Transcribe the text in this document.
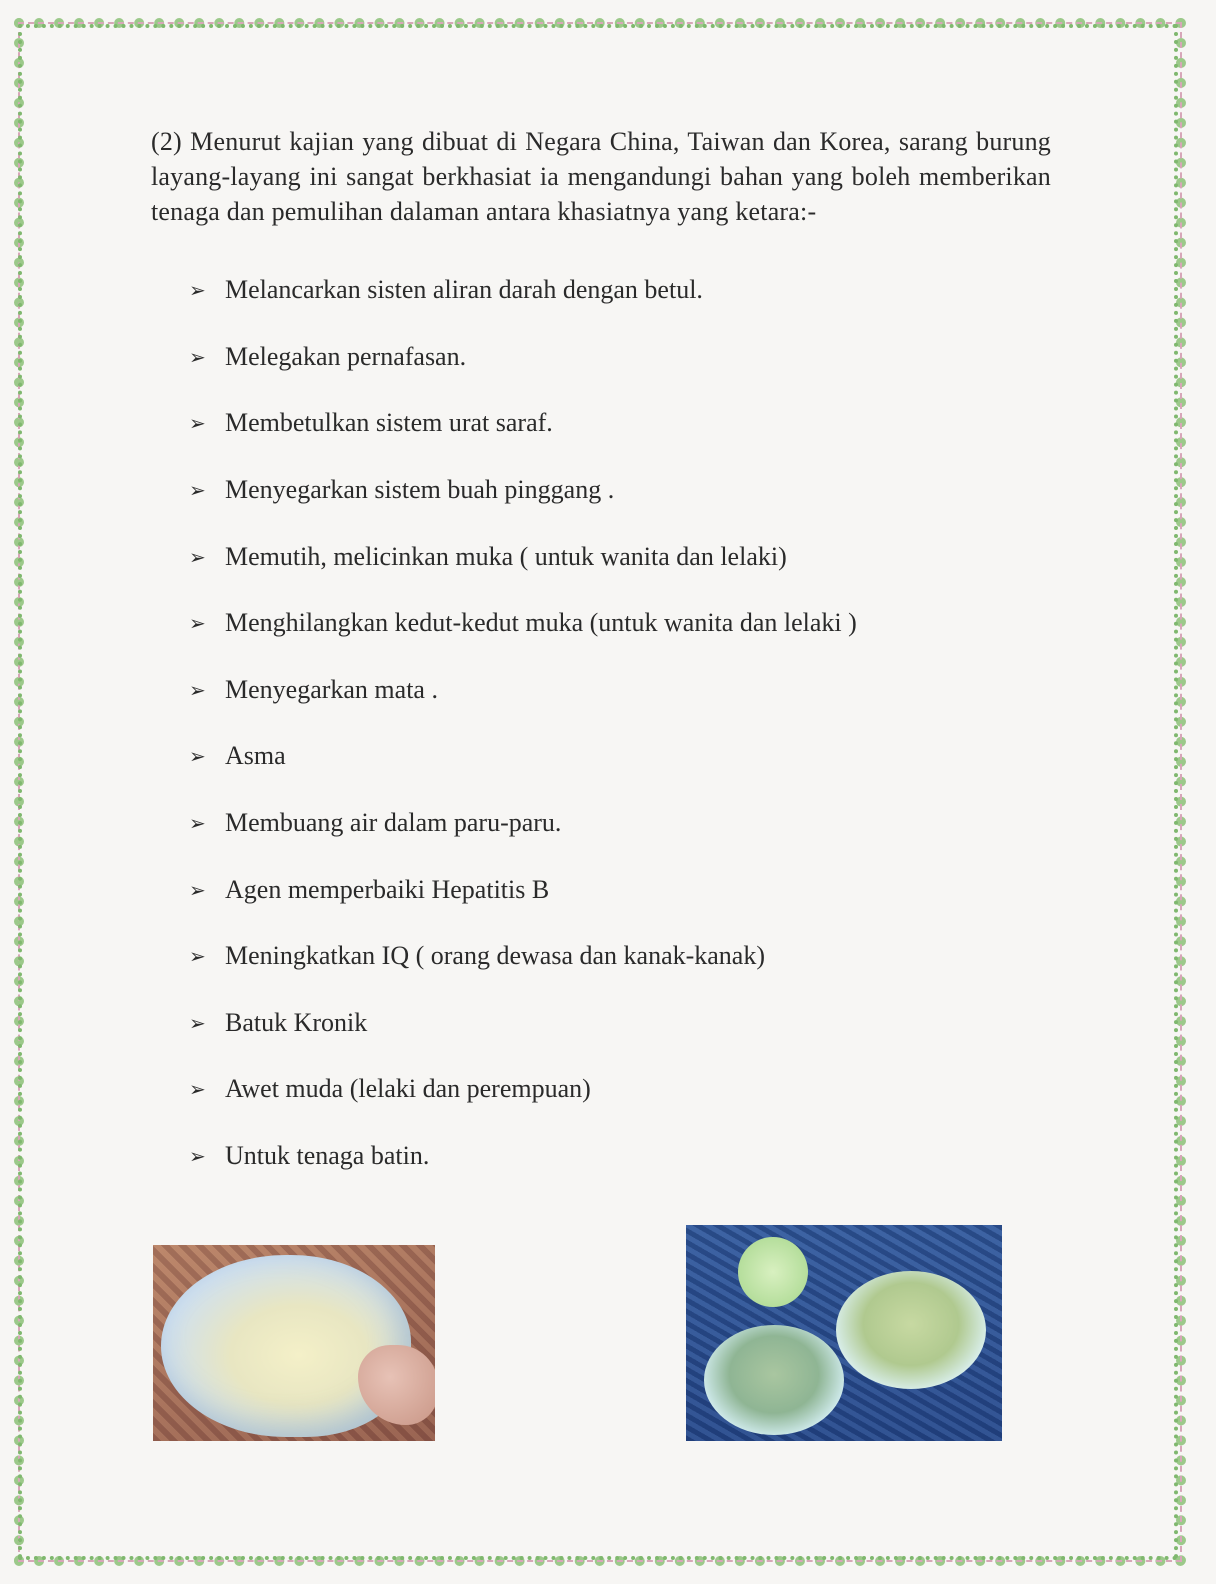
(2) Menurut kajian yang dibuat di Negara China, Taiwan dan Korea, sarang burung layang-layang ini sangat berkhasiat ia mengandungi bahan yang boleh memberikan tenaga dan pemulihan dalaman antara khasiatnya yang ketara:-

➢ Melancarkan sisten aliran darah dengan betul.
➢ Melegakan pernafasan.
➢ Membetulkan sistem urat saraf.
➢ Menyegarkan sistem buah pinggang .
➢ Memutih, melicinkan muka ( untuk wanita dan lelaki)
➢ Menghilangkan kedut-kedut muka (untuk wanita dan lelaki )
➢ Menyegarkan mata .
➢ Asma
➢ Membuang air dalam paru-paru.
➢ Agen memperbaiki Hepatitis B
➢ Meningkatkan IQ ( orang dewasa dan kanak-kanak)
➢ Batuk Kronik
➢ Awet muda (lelaki dan perempuan)
➢ Untuk tenaga batin.
